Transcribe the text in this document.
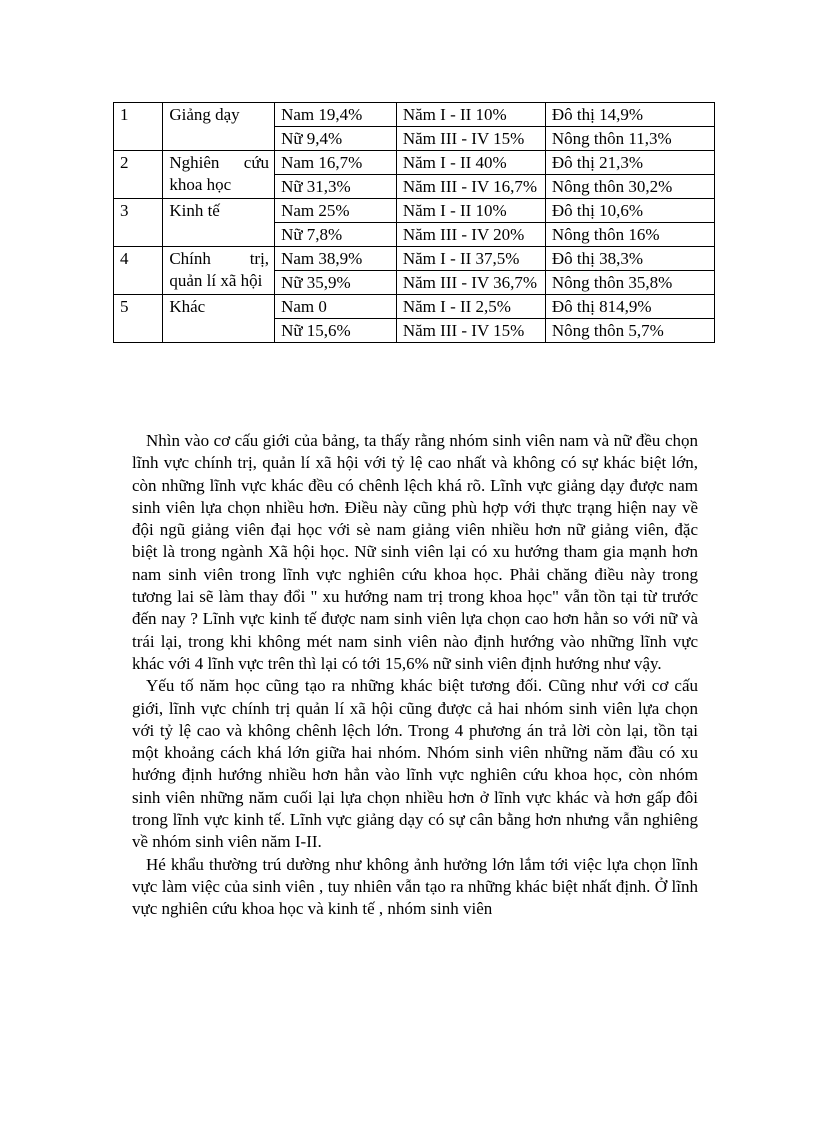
1	Giảng dạy	Nam 19,4%	Năm I - II 10%	Đô thị 14,9%
		Nữ 9,4%	Năm III - IV 15%	Nông thôn 11,3%
2	Nghiên cứu khoa học	Nam 16,7%	Năm I - II 40%	Đô thị 21,3%
		Nữ 31,3%	Năm III - IV 16,7%	Nông thôn 30,2%
3	Kinh tế	Nam 25%	Năm I - II 10%	Đô thị 10,6%
		Nữ 7,8%	Năm III - IV 20%	Nông thôn 16%
4	Chính trị, quản lí xã hội	Nam 38,9%	Năm I - II 37,5%	Đô thị 38,3%
		Nữ 35,9%	Năm III - IV 36,7%	Nông thôn 35,8%
5	Khác	Nam 0	Năm I - II 2,5%	Đô thị 814,9%
		Nữ 15,6%	Năm III - IV 15%	Nông thôn 5,7%

Nhìn vào cơ cấu giới của bảng, ta thấy rằng nhóm sinh viên nam và nữ đều chọn lĩnh vực chính trị, quản lí xã hội với tỷ lệ cao nhất và không có sự khác biệt lớn, còn những lĩnh vực khác đều có chênh lệch khá rõ. Lĩnh vực giảng dạy được nam sinh viên lựa chọn nhiều hơn. Điều này cũng phù hợp với thực trạng hiện nay về đội ngũ giảng viên đại học với sè nam giảng viên nhiều hơn nữ giảng viên, đặc biệt là trong ngành Xã hội học. Nữ sinh viên lại có xu hướng tham gia mạnh hơn nam sinh viên trong lĩnh vực nghiên cứu khoa học. Phải chăng điều này trong tương lai sẽ làm thay đổi " xu hướng nam trị trong khoa học" vẫn tồn tại từ trước đến nay ? Lĩnh vực kinh tế được nam sinh viên lựa chọn cao hơn hẳn so với nữ và trái lại, trong khi không mét nam sinh viên nào định hướng vào những lĩnh vực khác với 4 lĩnh vực trên thì lại có tới 15,6% nữ sinh viên định hướng như vậy.

Yếu tố năm học cũng tạo ra những khác biệt tương đối. Cũng như với cơ cấu giới, lĩnh vực chính trị quản lí xã hội cũng được cả hai nhóm sinh viên lựa chọn với tỷ lệ cao và không chênh lệch lớn. Trong 4 phương án trả lời còn lại, tồn tại một khoảng cách khá lớn giữa hai nhóm. Nhóm sinh viên những năm đầu có xu hướng định hướng nhiều hơn hẳn vào lĩnh vực nghiên cứu khoa học, còn nhóm sinh viên những năm cuối lại lựa chọn nhiều hơn ở lĩnh vực khác và hơn gấp đôi trong lĩnh vực kinh tế. Lĩnh vực giảng dạy có sự cân bằng hơn nhưng vẫn nghiêng về nhóm sinh viên năm I-II.

Hé khẩu thường trú dường như không ảnh hưởng lớn lắm tới việc lựa chọn lĩnh vực làm việc của sinh viên , tuy nhiên vẫn tạo ra những khác biệt nhất định. Ở lĩnh vực nghiên cứu khoa học và kinh tế , nhóm sinh viên
